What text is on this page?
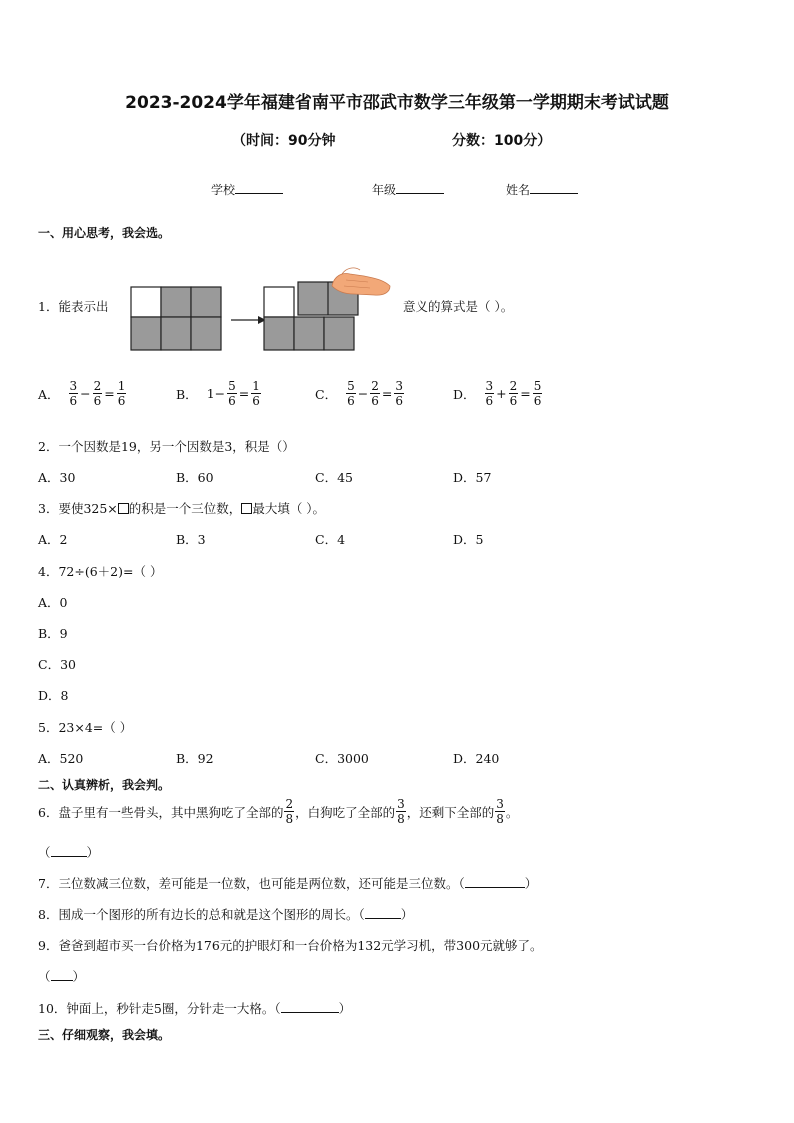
2023-2024学年福建省南平市邵武市数学三年级第一学期期末考试试题
（时间：90分钟	分数：100分）
学校	年级	姓名
一、用心思考，我会选。
1．能表示出	意义的算式是（ ）。
A． $\frac{3}{6} - \frac{2}{6} = \frac{1}{6}$	B． $1- \frac{5}{6} = \frac{1}{6}$	C． $\frac{5}{6} - \frac{2}{6} = \frac{3}{6}$	D． $\frac{3}{6} + \frac{2}{6} = \frac{5}{6}$
2．一个因数是19，另一个因数是3，积是（）
A．30	B．60	C．45	D．57
3．要使325× 的积是一个三位数， 最大填（ ）。
A．2	B．3	C．4	D．5
4．72÷(6＋2)=（ ）
A．0
B．9
C．30
D．8
5．23×4=（ ）
A．520	B．92	C．3000	D．240
二、认真辨析，我会判。
6．盘子里有一些骨头，其中黑狗吃了全部的 $\frac{2}{8}$ ，白狗吃了全部的 $\frac{3}{8}$ ，还剩下全部的 $\frac{3}{8}$ 。
（	）
7．三位数减三位数，差可能是一位数，也可能是两位数，还可能是三位数。（	）
8．围成一个图形的所有边长的总和就是这个图形的周长。（	）
9．爸爸到超市买一台价格为176元的护眼灯和一台价格为132元学习机，带300元就够了。
（ ）
10．钟面上，秒针走5圈，分针走一大格。（	）
三、仔细观察，我会填。
